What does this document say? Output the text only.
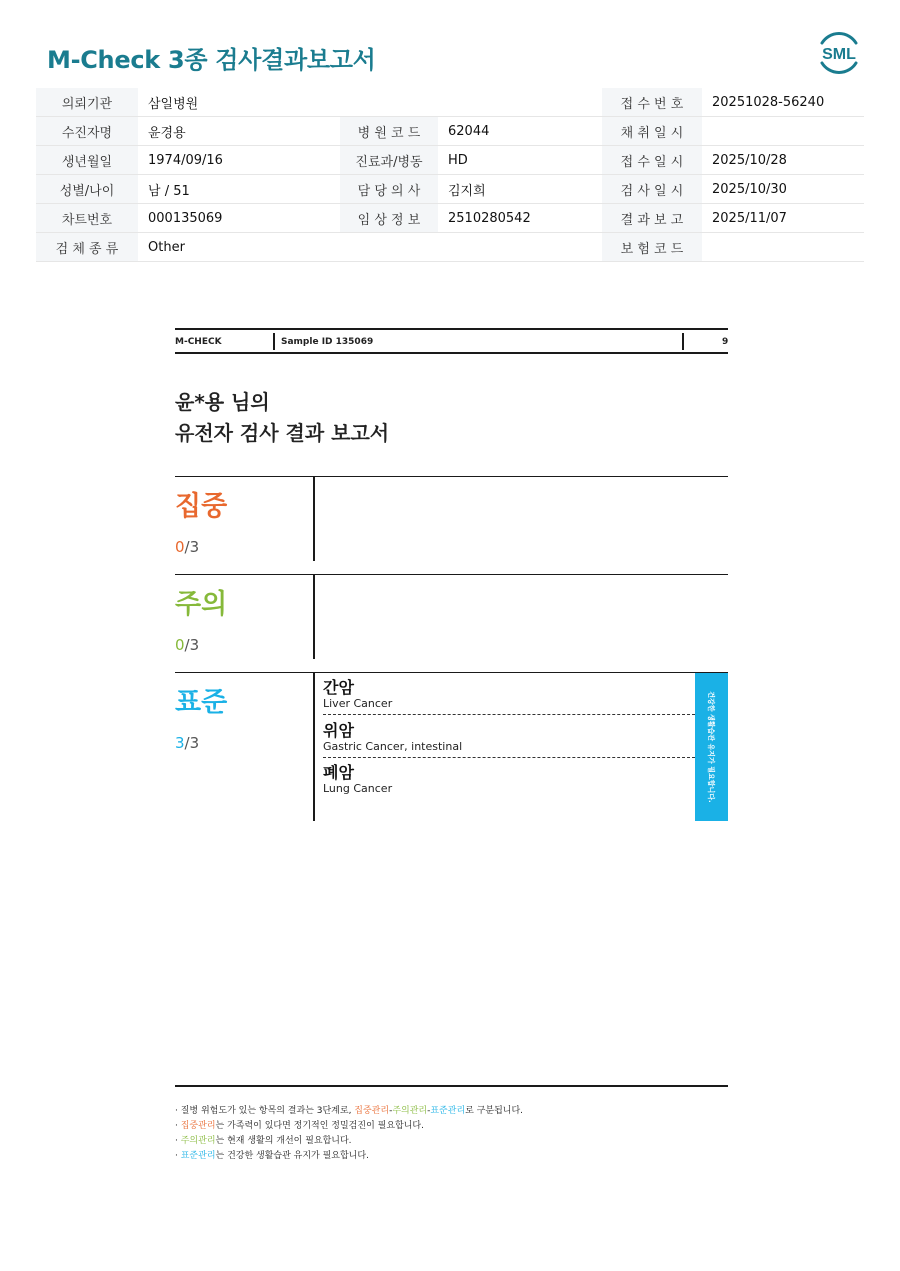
M-Check 3종 검사결과보고서	SML
의뢰기관	삼일병원			접 수 번 호	20251028-56240
수진자명	윤경용	병 원 코 드	62044	채 취 일 시	
생년월일	1974/09/16	진료과/병동	HD	접 수 일 시	2025/10/28
성별/나이	남 / 51	담 당 의 사	김지희	검 사 일 시	2025/10/30
차트번호	000135069	임 상 정 보	2510280542	결 과 보 고	2025/11/07
검 체 종 류	Other			보 험 코 드	
M-CHECK	Sample ID 135069	9
윤*용 님의
유전자 검사 결과 보고서
집중
0/3
주의
0/3
표준
3/3
간암
Liver Cancer
위암
Gastric Cancer, intestinal
폐암
Lung Cancer	건강한 생활습관 유지가 필요합니다.
· 질병 위험도가 있는 항목의 결과는 3단계로, 집중관리-주의관리-표준관리로 구분됩니다.
· 집중관리는 가족력이 있다면 정기적인 정밀검진이 필요합니다.
· 주의관리는 현재 생활의 개선이 필요합니다.
· 표준관리는 건강한 생활습관 유지가 필요합니다.
